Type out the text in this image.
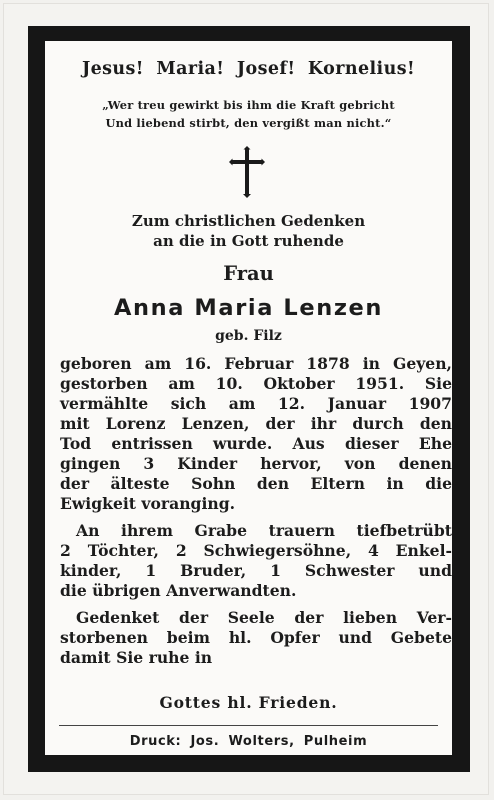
Jesus! Maria! Josef! Kornelius!
„Wer treu gewirkt bis ihm die Kraft gebricht
Und liebend stirbt, den vergißt man nicht.“
Zum christlichen Gedenken
an die in Gott ruhende
Frau
Anna Maria Lenzen
geb. Filz
geboren am 16. Februar 1878 in Geyen,
gestorben am 10. Oktober 1951. Sie
vermählte sich am 12. Januar 1907
mit Lorenz Lenzen, der ihr durch den
Tod entrissen wurde. Aus dieser Ehe
gingen 3 Kinder hervor, von denen
der älteste Sohn den Eltern in die
Ewigkeit voranging.
An ihrem Grabe trauern tiefbetrübt
2 Töchter, 2 Schwiegersöhne, 4 Enkel-
kinder, 1 Bruder, 1 Schwester und
die übrigen Anverwandten.
Gedenket der Seele der lieben Ver-
storbenen beim hl. Opfer und Gebete
damit Sie ruhe in
Gottes hl. Frieden.
Druck: Jos. Wolters, Pulheim
